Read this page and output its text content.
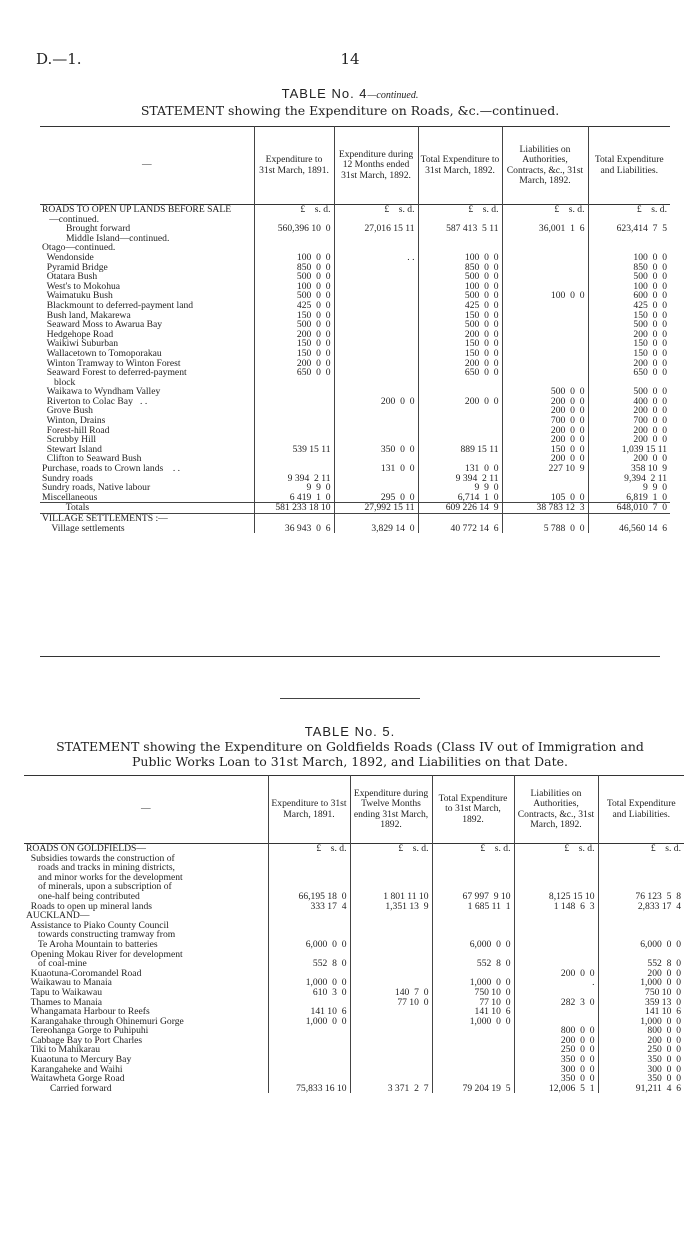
D.—1.	14
TABLE No. 4—continued.
STATEMENT showing the Expenditure on Roads, &c.—continued.
—	Expenditure to 31st March, 1891.	Expenditure during 12 Months ended 31st March, 1892.	Total Expenditure to 31st March, 1892.	Liabilities on Authorities, Contracts, &c., 31st March, 1892.	Total Expenditure and Liabilities.
ROADS TO OPEN UP LANDS BEFORE SALE	£    s. d.	£    s. d.	£    s. d.	£    s. d.	£    s. d.
—continued.					
Brought forward	560,396 10  0	27,016 15 11	587 413  5 11	36,001  1  6	623,414  7  5
Middle Island—continued.					
Otago—continued.					
Wendonside	100  0  0	. .	100  0  0		100  0  0
Pyramid Bridge	850  0  0		850  0  0		850  0  0
Otatara Bush	500  0  0		500  0  0		500  0  0
West's to Mokohua	100  0  0		100  0  0		100  0  0
Waimatuku Bush	500  0  0		500  0  0	100  0  0	600  0  0
Blackmount to deferred-payment land	425  0  0		425  0  0		425  0  0
Bush land, Makarewa	150  0  0		150  0  0		150  0  0
Seaward Moss to Awarua Bay	500  0  0		500  0  0		500  0  0
Hedgehope Road	200  0  0		200  0  0		200  0  0
Waikiwi Suburban	150  0  0		150  0  0		150  0  0
Wallacetown to Tomoporakau	150  0  0		150  0  0		150  0  0
Winton Tramway to Winton Forest	200  0  0		200  0  0		200  0  0
Seaward Forest to deferred-payment	650  0  0		650  0  0		650  0  0
block					
Waikawa to Wyndham Valley				500  0  0	500  0  0
Riverton to Colac Bay   . .		200  0  0	200  0  0	200  0  0	400  0  0
Grove Bush				200  0  0	200  0  0
Winton, Drains				700  0  0	700  0  0
Forest-hill Road				200  0  0	200  0  0
Scrubby Hill				200  0  0	200  0  0
Stewart Island	539 15 11	350  0  0	889 15 11	150  0  0	1,039 15 11
Clifton to Seaward Bush				200  0  0	200  0  0

Purchase, roads to Crown lands    . .		131  0  0	131  0  0	227 10  9	358 10  9
Sundry roads	9 394  2 11		9 394  2 11		9,394  2 11
Sundry roads, Native labour	9  9  0		9  9  0		9  9  0
Miscellaneous	6 419  1  0	295  0  0	6,714  1  0	105  0  0	6,819  1  0
Totals	581 233 18 10	27,992 15 11	609 226 14  9	38 783 12  3	648,010  7  0

VILLAGE SETTLEMENTS :—					
Village settlements	36 943  0  6	3,829 14  0	40 772 14  6	5 788  0  0	46,560 14  6
TABLE No. 5.
STATEMENT showing the Expenditure on Goldfields Roads (Class IV out of Immigration and
Public Works Loan to 31st March, 1892, and Liabilities on that Date.
—	Expenditure to 31st March, 1891.	Expenditure during Twelve Months ending 31st March, 1892.	Total Expenditure to 31st March, 1892.	Liabilities on Authorities, Contracts, &c., 31st March, 1892.	Total Expenditure and Liabilities.
ROADS ON GOLDFIELDS—	£    s. d.	£    s. d.	£    s. d.	£    s. d.	£    s. d.
Subsidies towards the construction of					
roads and tracks in mining districts,					
and minor works for the development					
of minerals, upon a subscription of					
one-half being contributed	66,195 18  0	1 801 11 10	67 997  9 10	8,125 15 10	76 123  5  8
Roads to open up mineral lands	333 17  4	1,351 13  9	1 685 11  1	1 148  6  3	2,833 17  4
AUCKLAND—					
Assistance to Piako County Council					
towards constructing tramway from					
Te Aroha Mountain to batteries	6,000  0  0		6,000  0  0		6,000  0  0
Opening Mokau River for development					
of coal-mine	552  8  0		552  8  0		552  8  0
Kuaotuna-Coromandel Road				200  0  0	200  0  0
Waikawau to Manaia	1,000  0  0		1,000  0  0	.	1,000  0  0
Tapu to Waikawau	610  3  0	140  7  0	750 10  0		750 10  0
Thames to Manaia		77 10  0	77 10  0	282  3  0	359 13  0
Whangamata Harbour to Reefs	141 10  6		141 10  6		141 10  6
Karangahake through Ohinemuri Gorge	1,000  0  0		1,000  0  0		1,000  0  0
Tereohanga Gorge to Puhipuhi				800  0  0	800  0  0
Cabbage Bay to Port Charles				200  0  0	200  0  0
Tiki to Mahikarau				250  0  0	250  0  0
Kuaotuna to Mercury Bay				350  0  0	350  0  0
Karangaheke and Waihi				300  0  0	300  0  0
Waitawheta Gorge Road				350  0  0	350  0  0

Carried forward	75,833 16 10	3 371  2  7	79 204 19  5	12,006  5  1	91,211  4  6
